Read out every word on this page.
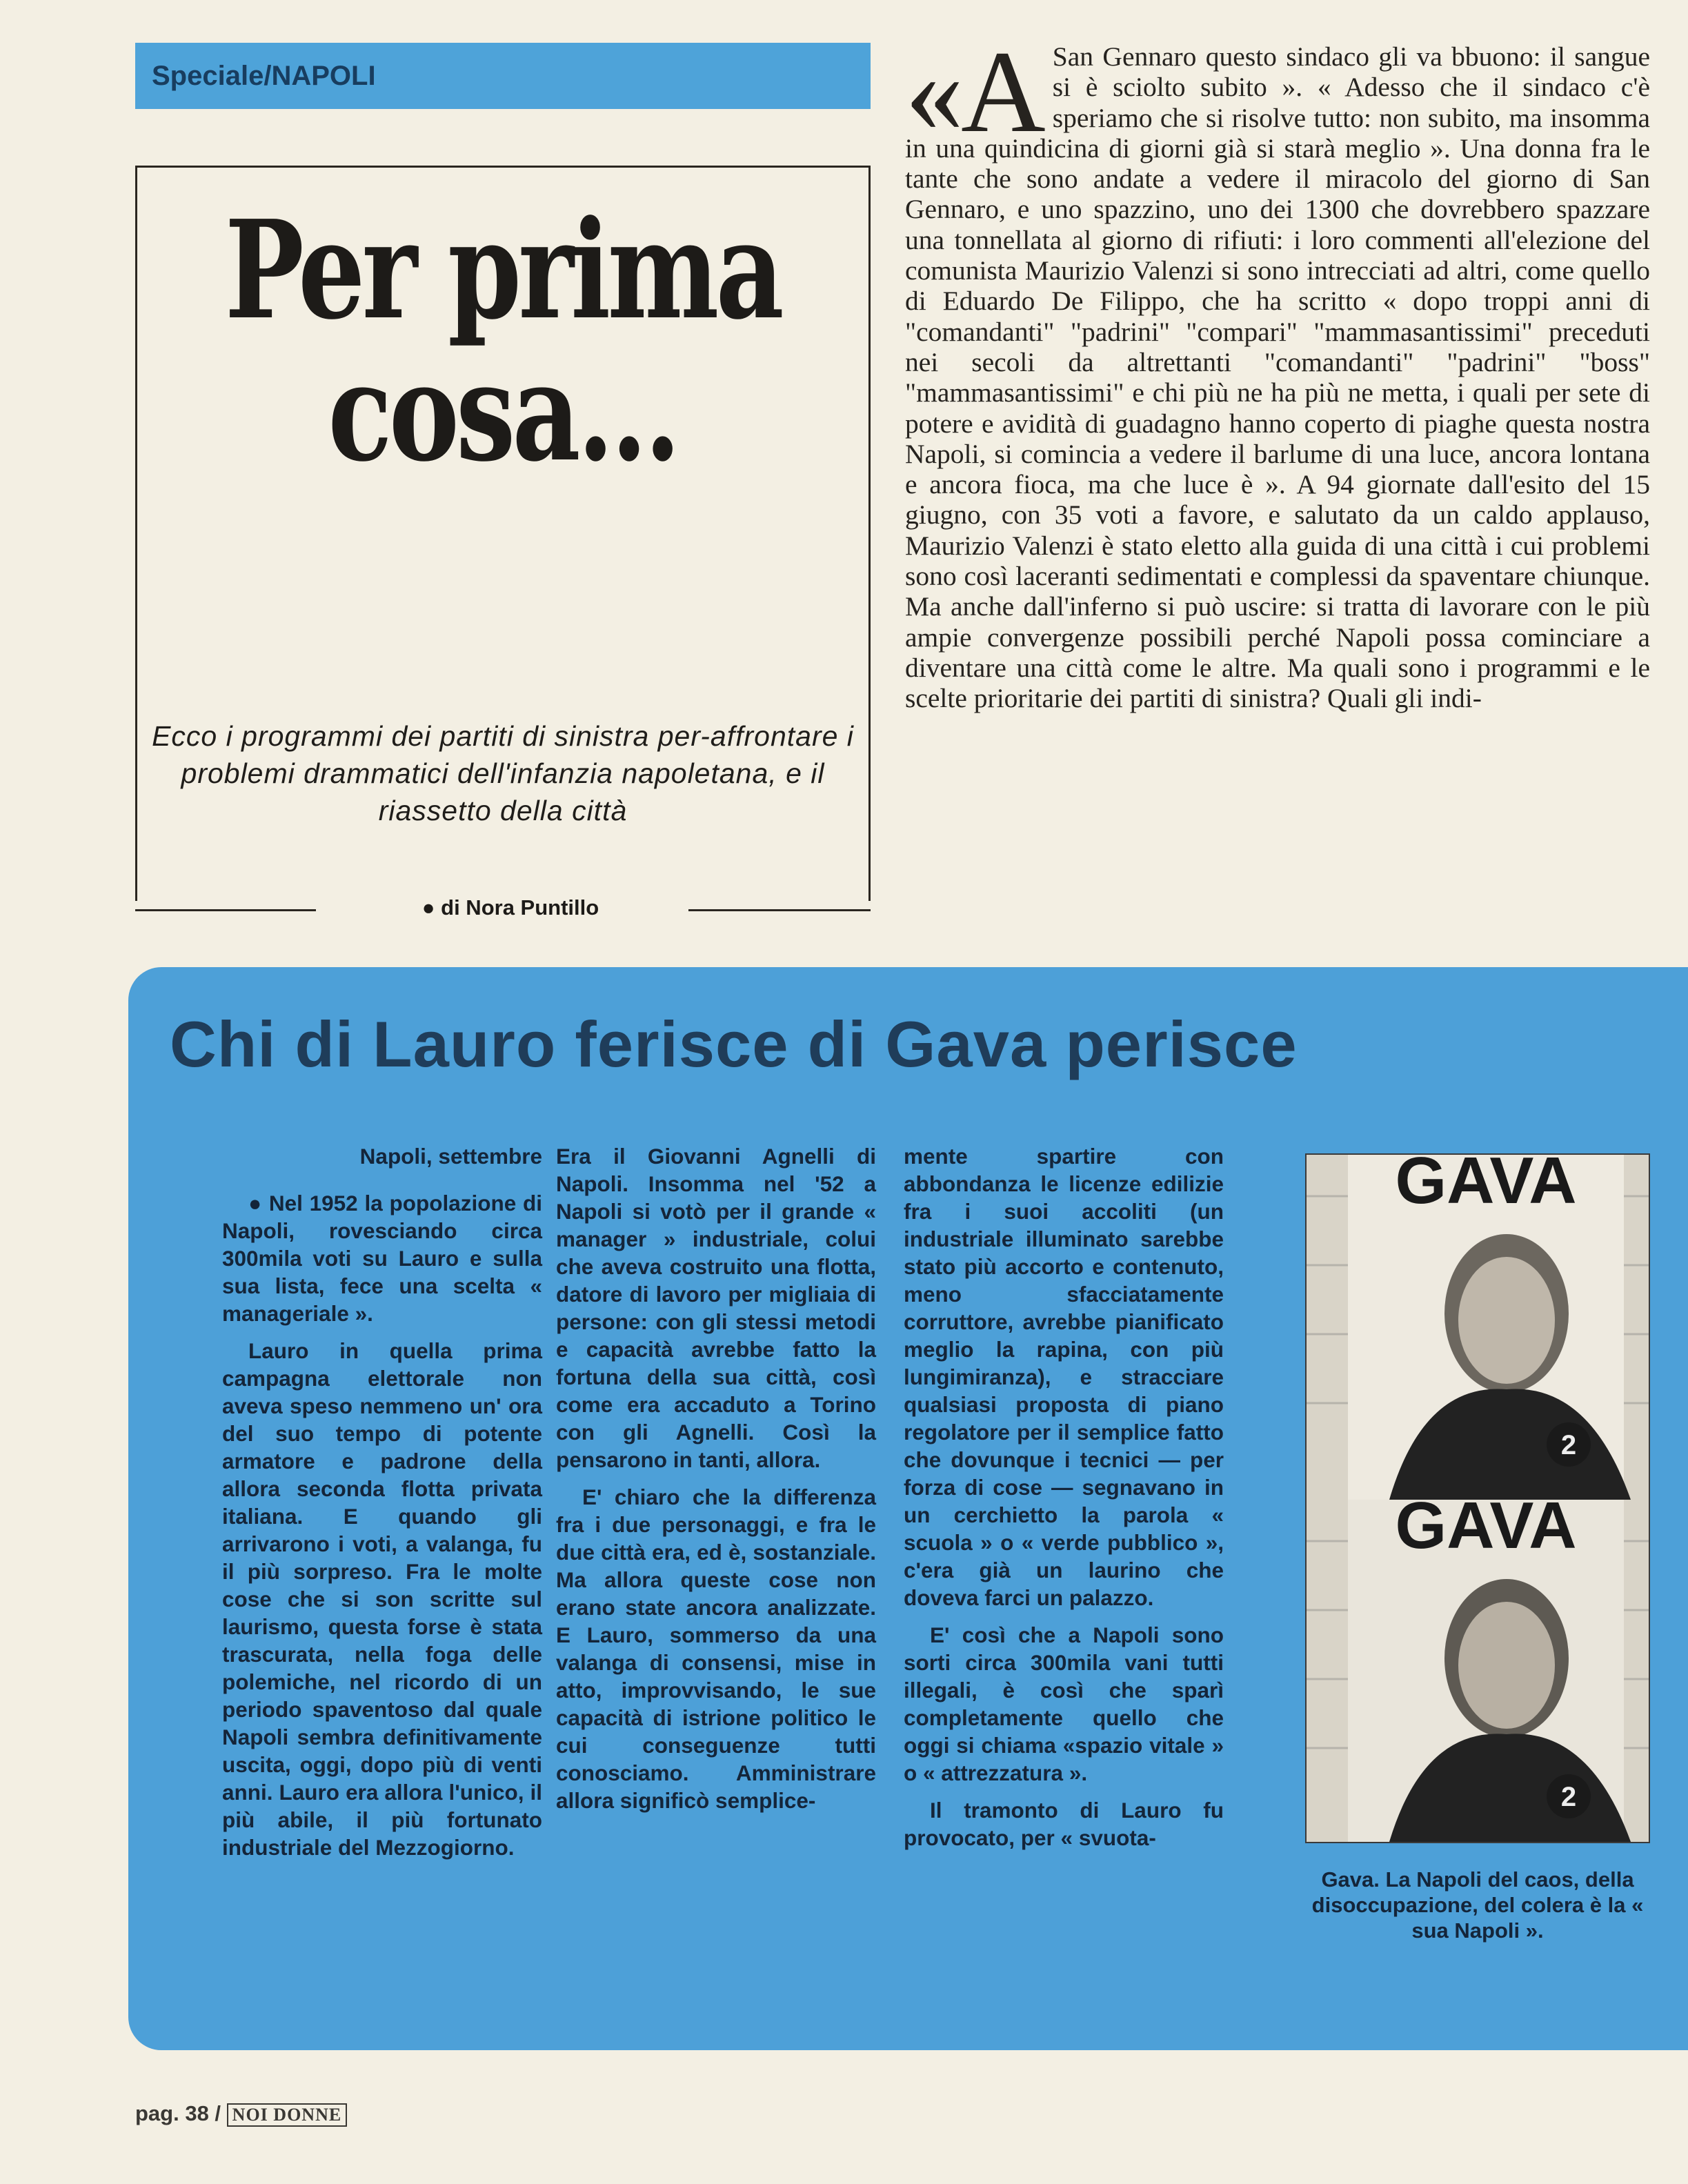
Speciale/NAPOLI
Per prima
cosa...
Ecco i programmi dei partiti di sinistra per-affrontare i problemi drammatici dell'infanzia napoletana, e il riassetto della città
● di Nora Puntillo
«A San Gennaro questo sindaco gli va bbuono: il sangue si è sciolto subito ». « Adesso che il sindaco c'è speriamo che si risolve tutto: non subito, ma insomma in una quindicina di giorni già si starà meglio ». Una donna fra le tante che sono andate a vedere il miracolo del giorno di San Gennaro, e uno spazzino, uno dei 1300 che dovrebbero spazzare una tonnellata al giorno di rifiuti: i loro commenti all'elezione del comunista Maurizio Valenzi si sono intrecciati ad altri, come quello di Eduardo De Filippo, che ha scritto « dopo troppi anni di "comandanti" "padrini" "compari" "mammasantissimi" preceduti nei secoli da altrettanti "comandanti" "padrini" "boss" "mammasantissimi" e chi più ne ha più ne metta, i quali per sete di potere e avidità di guadagno hanno coperto di piaghe questa nostra Napoli, si comincia a vedere il barlume di una luce, ancora lontana e ancora fioca, ma che luce è ». A 94 giornate dall'esito del 15 giugno, con 35 voti a favore, e salutato da un caldo applauso, Maurizio Valenzi è stato eletto alla guida di una città i cui problemi sono così laceranti sedimentati e complessi da spaventare chiunque. Ma anche dall'inferno si può uscire: si tratta di lavorare con le più ampie convergenze possibili perché Napoli possa cominciare a diventare una città come le altre. Ma quali sono i programmi e le scelte prioritarie dei partiti di sinistra? Quali gli indi-
Chi di Lauro ferisce di Gava perisce
Napoli, settembre

● Nel 1952 la popolazione di Napoli, rovesciando circa 300mila voti su Lauro e sulla sua lista, fece una scelta « manageriale ».

Lauro in quella prima campagna elettorale non aveva speso nemmeno un' ora del suo tempo di potente armatore e padrone della allora seconda flotta privata italiana. E quando gli arrivarono i voti, a valanga, fu il più sorpreso. Fra le molte cose che si son scritte sul laurismo, questa forse è stata trascurata, nella foga delle polemiche, nel ricordo di un periodo spaventoso dal quale Napoli sembra definitivamente uscita, oggi, dopo più di venti anni. Lauro era allora l'unico, il più abile, il più fortunato industriale del Mezzogiorno.

Era il Giovanni Agnelli di Napoli. Insomma nel '52 a Napoli si votò per il grande « manager » industriale, colui che aveva costruito una flotta, datore di lavoro per migliaia di persone: con gli stessi metodi e capacità avrebbe fatto la fortuna della sua città, così come era accaduto a Torino con gli Agnelli. Così la pensarono in tanti, allora.

E' chiaro che la differenza fra i due personaggi, e fra le due città era, ed è, sostanziale. Ma allora queste cose non erano state ancora analizzate. E Lauro, sommerso da una valanga di consensi, mise in atto, improvvisando, le sue capacità di istrione politico le cui conseguenze tutti conosciamo. Amministrare allora significò semplice-

mente spartire con abbondanza le licenze edilizie fra i suoi accoliti (un industriale illuminato sarebbe stato più accorto e contenuto, meno sfacciatamente corruttore, avrebbe pianificato meglio la rapina, con più lungimiranza), e stracciare qualsiasi proposta di piano regolatore per il semplice fatto che dovunque i tecnici — per forza di cose — segnavano in un cerchietto la parola « scuola » o « verde pubblico », c'era già un laurino che doveva farci un palazzo.

E' così che a Napoli sono sorti circa 300mila vani tutti illegali, è così che sparì completamente quello che oggi si chiama «spazio vitale » o « attrezzatura ».

Il tramonto di Lauro fu provocato, per « svuota-

GAVA
2
GAVA
2
Gava. La Napoli del caos, della disoccupazione, del colera è la « sua Napoli ».
pag. 38 / NOI DONNE
